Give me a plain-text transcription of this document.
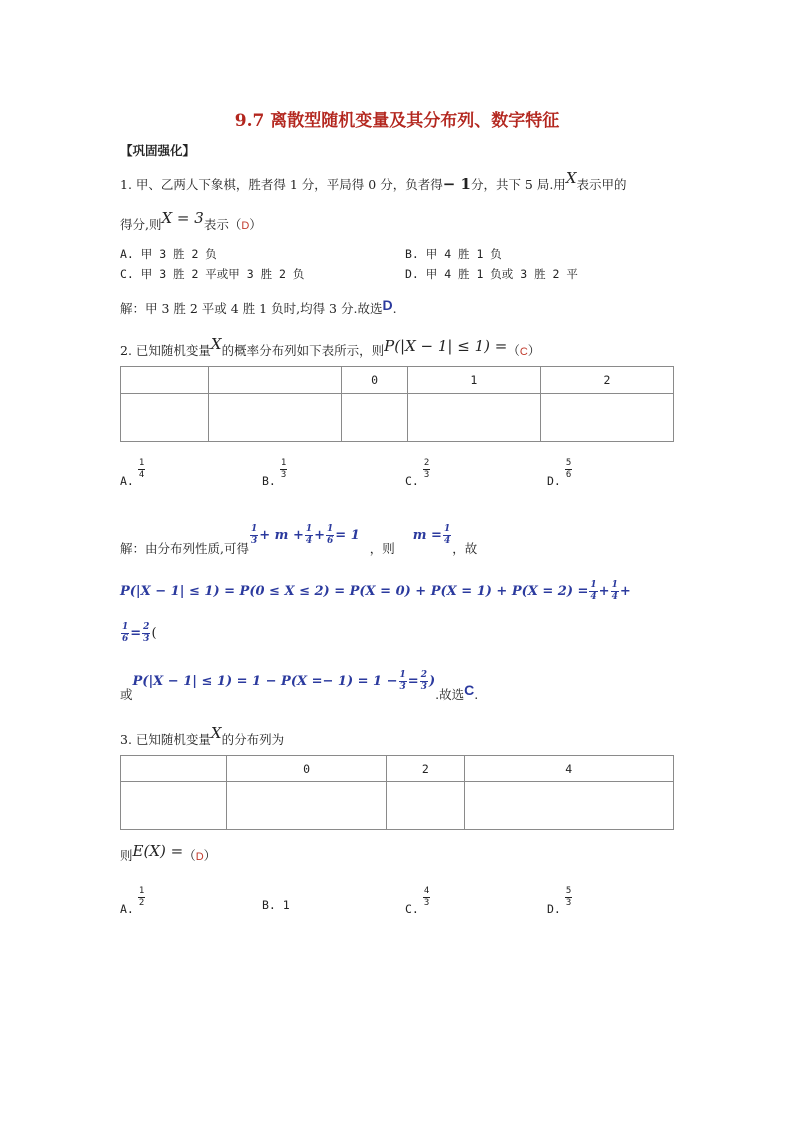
9.7 离散型随机变量及其分布列、数字特征
【巩固强化】
1. 甲、乙两人下象棋，胜者得 1 分，平局得 0 分，负者得− 1分，共下 5 局.用X表示甲的
得分,则X = 3表示（D）
A. 甲 3 胜 2 负	B. 甲 4 胜 1 负
C. 甲 3 胜 2 平或甲 3 胜 2 负	D. 甲 4 胜 1 负或 3 胜 2 平
解：甲 3 胜 2 平或 4 胜 1 负时,均得 3 分.故选D.
2. 已知随机变量X的概率分布列如下表所示，则P(|X − 1| ≤ 1) =（C）
		0	1	2

A. $\frac{1}{4}$	B. $\frac{1}{3}$	C. $\frac{2}{3}$	D. $\frac{5}{6}$
解：由分布列性质,可得
$\frac{1}{3} + m + \frac{1}{4} + \frac{1}{6} = 1$，则$m = \frac{1}{4}$
，故
$P(|X - 1| \le 1) = P(0 \le X \le 2) = P(X = 0) + P(X = 1) + P(X = 2) = \frac{1}{4} + \frac{1}{4}$ +
$\frac{1}{6} = \frac{2}{3}$ (
或$P(|X - 1| \le 1) = 1 - P(X =- 1) = 1 - \frac{1}{3} = \frac{2}{3}$ ).故选C.
3. 已知随机变量X的分布列为
	0	2	4

则E(X) =（D）
A. $\frac{1}{2}$	B. 1	C. $\frac{4}{3}$	D. $\frac{5}{3}$
